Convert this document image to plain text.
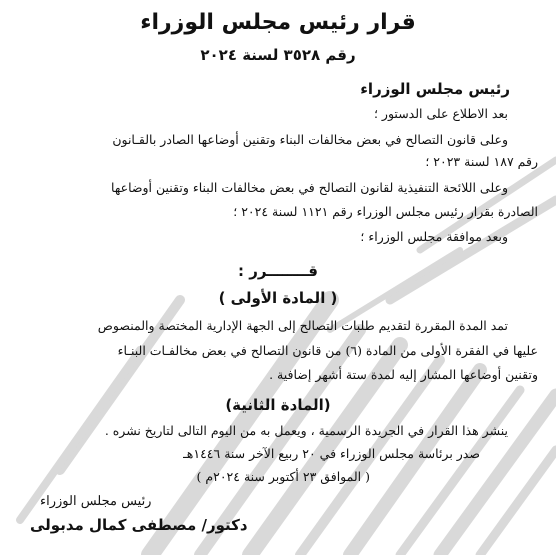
قرار رئيس مجلس الوزراء
رقم ٣٥٢٨ لسنة ٢٠٢٤
رئيس مجلس الوزراء
بعد الاطلاع على الدستور ؛
وعلى قانون التصالح في بعض مخالفات البناء وتقنين أوضاعها الصادر بالقـانون
رقم ١٨٧ لسنة ٢٠٢٣ ؛
وعلى اللائحة التنفيذية لقانون التصالح في بعض مخالفات البناء وتقنين أوضاعها
الصادرة بقرار رئيس مجلس الوزراء رقم ١١٢١ لسنة ٢٠٢٤ ؛
وبعد موافقة مجلس الوزراء ؛
قــــــــرر :
( المادة الأولى )
تمد المدة المقررة لتقديم طلبات التصالح إلى الجهة الإدارية المختصة والمنصوص
عليها في الفقرة الأولى من المادة (٦) من قانون التصالح في بعض مخالفـات البنـاء
وتقنين أوضاعها المشار إليه لمدة ستة أشهر إضافية .
(المادة الثانية)
ينشر هذا القرار في الجريدة الرسمية ، ويعمل به من اليوم التالى لتاريخ نشره .
صدر برئاسة مجلس الوزراء في ٢٠ ربيع الآخر سنة ١٤٤٦هـ
( الموافق ٢٣ أكتوبر سنة ٢٠٢٤م )
رئيس مجلس الوزراء
دكتور/ مصطفى كمال مدبولى
